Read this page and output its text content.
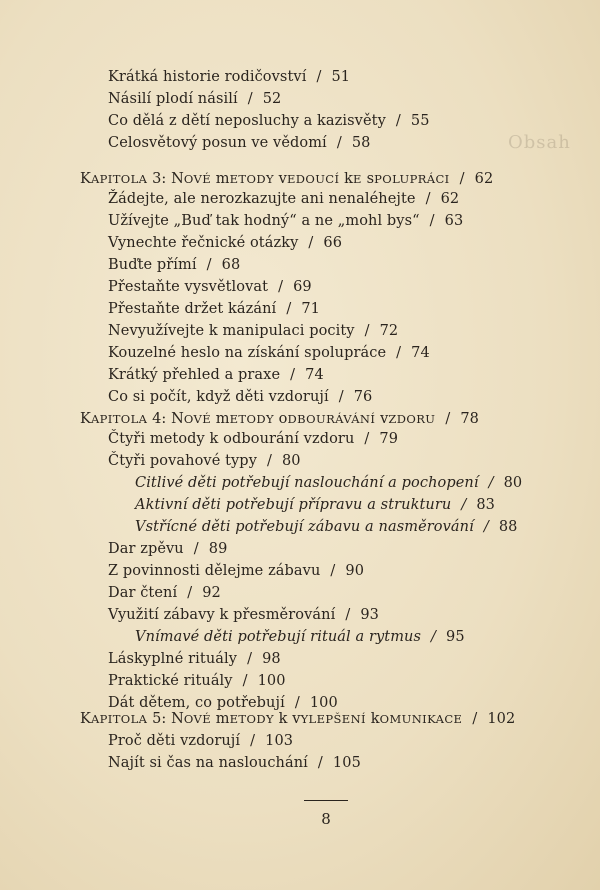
Obsah
Krátká historie rodičovství / 51
Násilí plodí násilí / 52
Co dělá z dětí neposluchy a kazisvěty / 55
Celosvětový posun ve vědomí / 58
KAPITOLA 3: NOVÉ mETODY vEDOUCÍ kE sPOLUPRÁCI / 62
Žádejte, ale nerozkazujte ani nenaléhejte / 62
Užívejte „Buď tak hodný“ a ne „mohl bys“ / 63
Vynechte řečnické otázky / 66
Buďte přímí / 68
Přestaňte vysvětlovat / 69
Přestaňte držet kázání / 71
Nevyužívejte k manipulaci pocity / 72
Kouzelné heslo na získání spolupráce / 74
Krátký přehled a praxe / 74
Co si počít, když děti vzdorují / 76
KAPITOLA 4: NOVÉ mETODY oDBOURÁVÁNÍ vZDORU / 78
Čtyři metody k odbourání vzdoru / 79
Čtyři povahové typy / 80
Citlivé děti potřebují naslouchání a pochopení / 80
Aktivní děti potřebují přípravu a strukturu / 83
Vstřícné děti potřebují zábavu a nasměrování / 88
Dar zpěvu / 89
Z povinnosti dělejme zábavu / 90
Dar čtení / 92
Využití zábavy k přesměrování / 93
Vnímavé děti potřebují rituál a rytmus / 95
Láskyplné rituály / 98
Praktické rituály / 100
Dát dětem, co potřebují / 100
KAPITOLA 5: NOVÉ mETODY k vYLEPŠENÍ kOMUNIKACE / 102
Proč děti vzdorují / 103
Najít si čas na naslouchání / 105
8
